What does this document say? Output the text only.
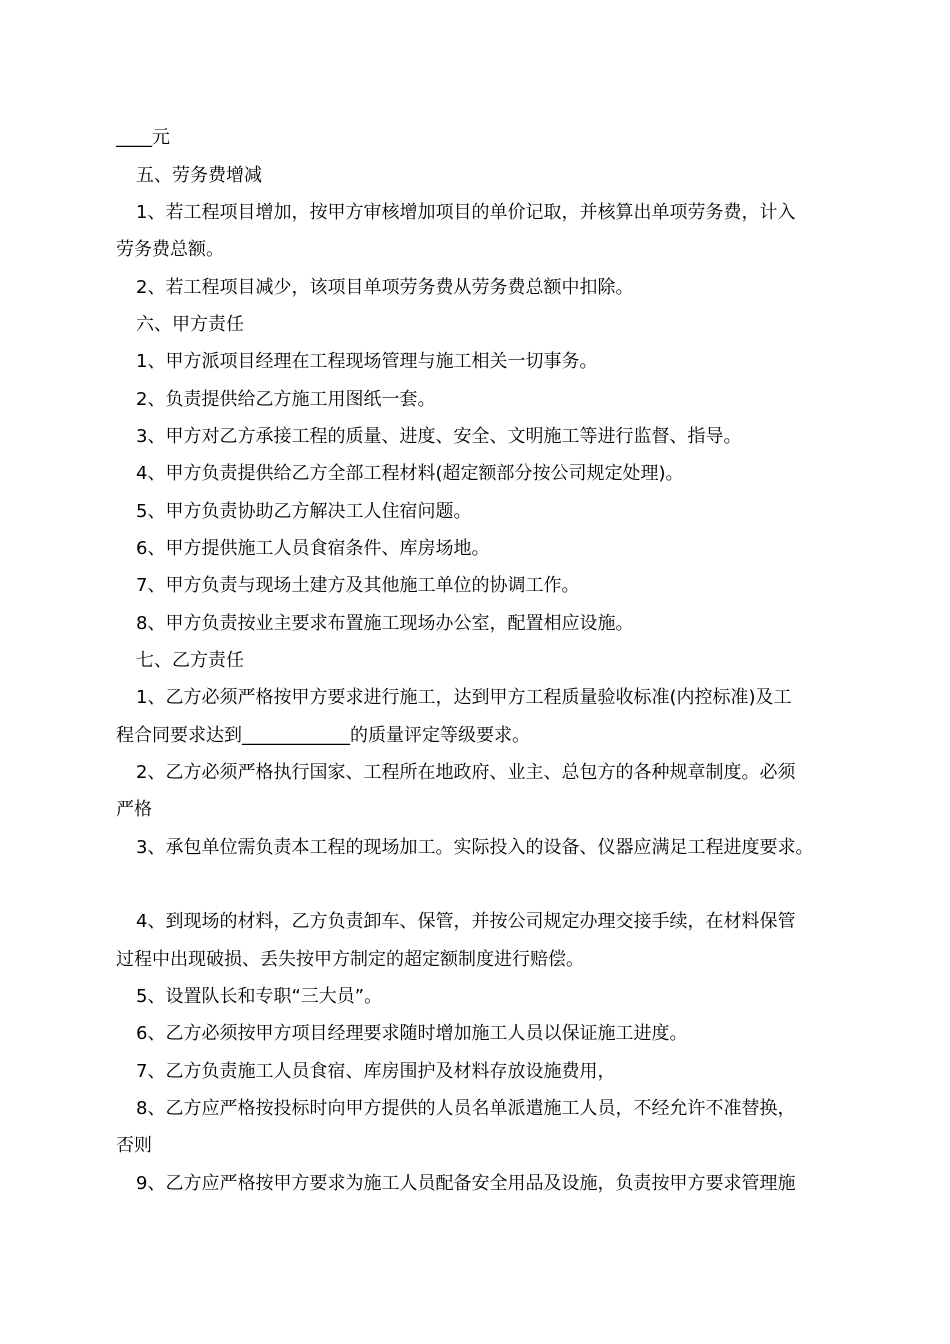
____元
五、劳务费增减
1、若工程项目增加，按甲方审核增加项目的单价记取，并核算出单项劳务费，计入
劳务费总额。
2、若工程项目减少，该项目单项劳务费从劳务费总额中扣除。
六、甲方责任
1、甲方派项目经理在工程现场管理与施工相关一切事务。
2、负责提供给乙方施工用图纸一套。
3、甲方对乙方承接工程的质量、进度、安全、文明施工等进行监督、指导。
4、甲方负责提供给乙方全部工程材料(超定额部分按公司规定处理)。
5、甲方负责协助乙方解决工人住宿问题。
6、甲方提供施工人员食宿条件、库房场地。
7、甲方负责与现场土建方及其他施工单位的协调工作。
8、甲方负责按业主要求布置施工现场办公室，配置相应设施。
七、乙方责任
1、乙方必须严格按甲方要求进行施工，达到甲方工程质量验收标准(内控标准)及工
程合同要求达到____________的质量评定等级要求。
2、乙方必须严格执行国家、工程所在地政府、业主、总包方的各种规章制度。必须
严格
3、承包单位需负责本工程的现场加工。实际投入的设备、仪器应满足工程进度要求。
4、到现场的材料，乙方负责卸车、保管，并按公司规定办理交接手续，在材料保管
过程中出现破损、丢失按甲方制定的超定额制度进行赔偿。
5、设置队长和专职“三大员”。
6、乙方必须按甲方项目经理要求随时增加施工人员以保证施工进度。
7、乙方负责施工人员食宿、库房围护及材料存放设施费用，
8、乙方应严格按投标时向甲方提供的人员名单派遣施工人员，不经允许不准替换，
否则
9、乙方应严格按甲方要求为施工人员配备安全用品及设施，负责按甲方要求管理施
